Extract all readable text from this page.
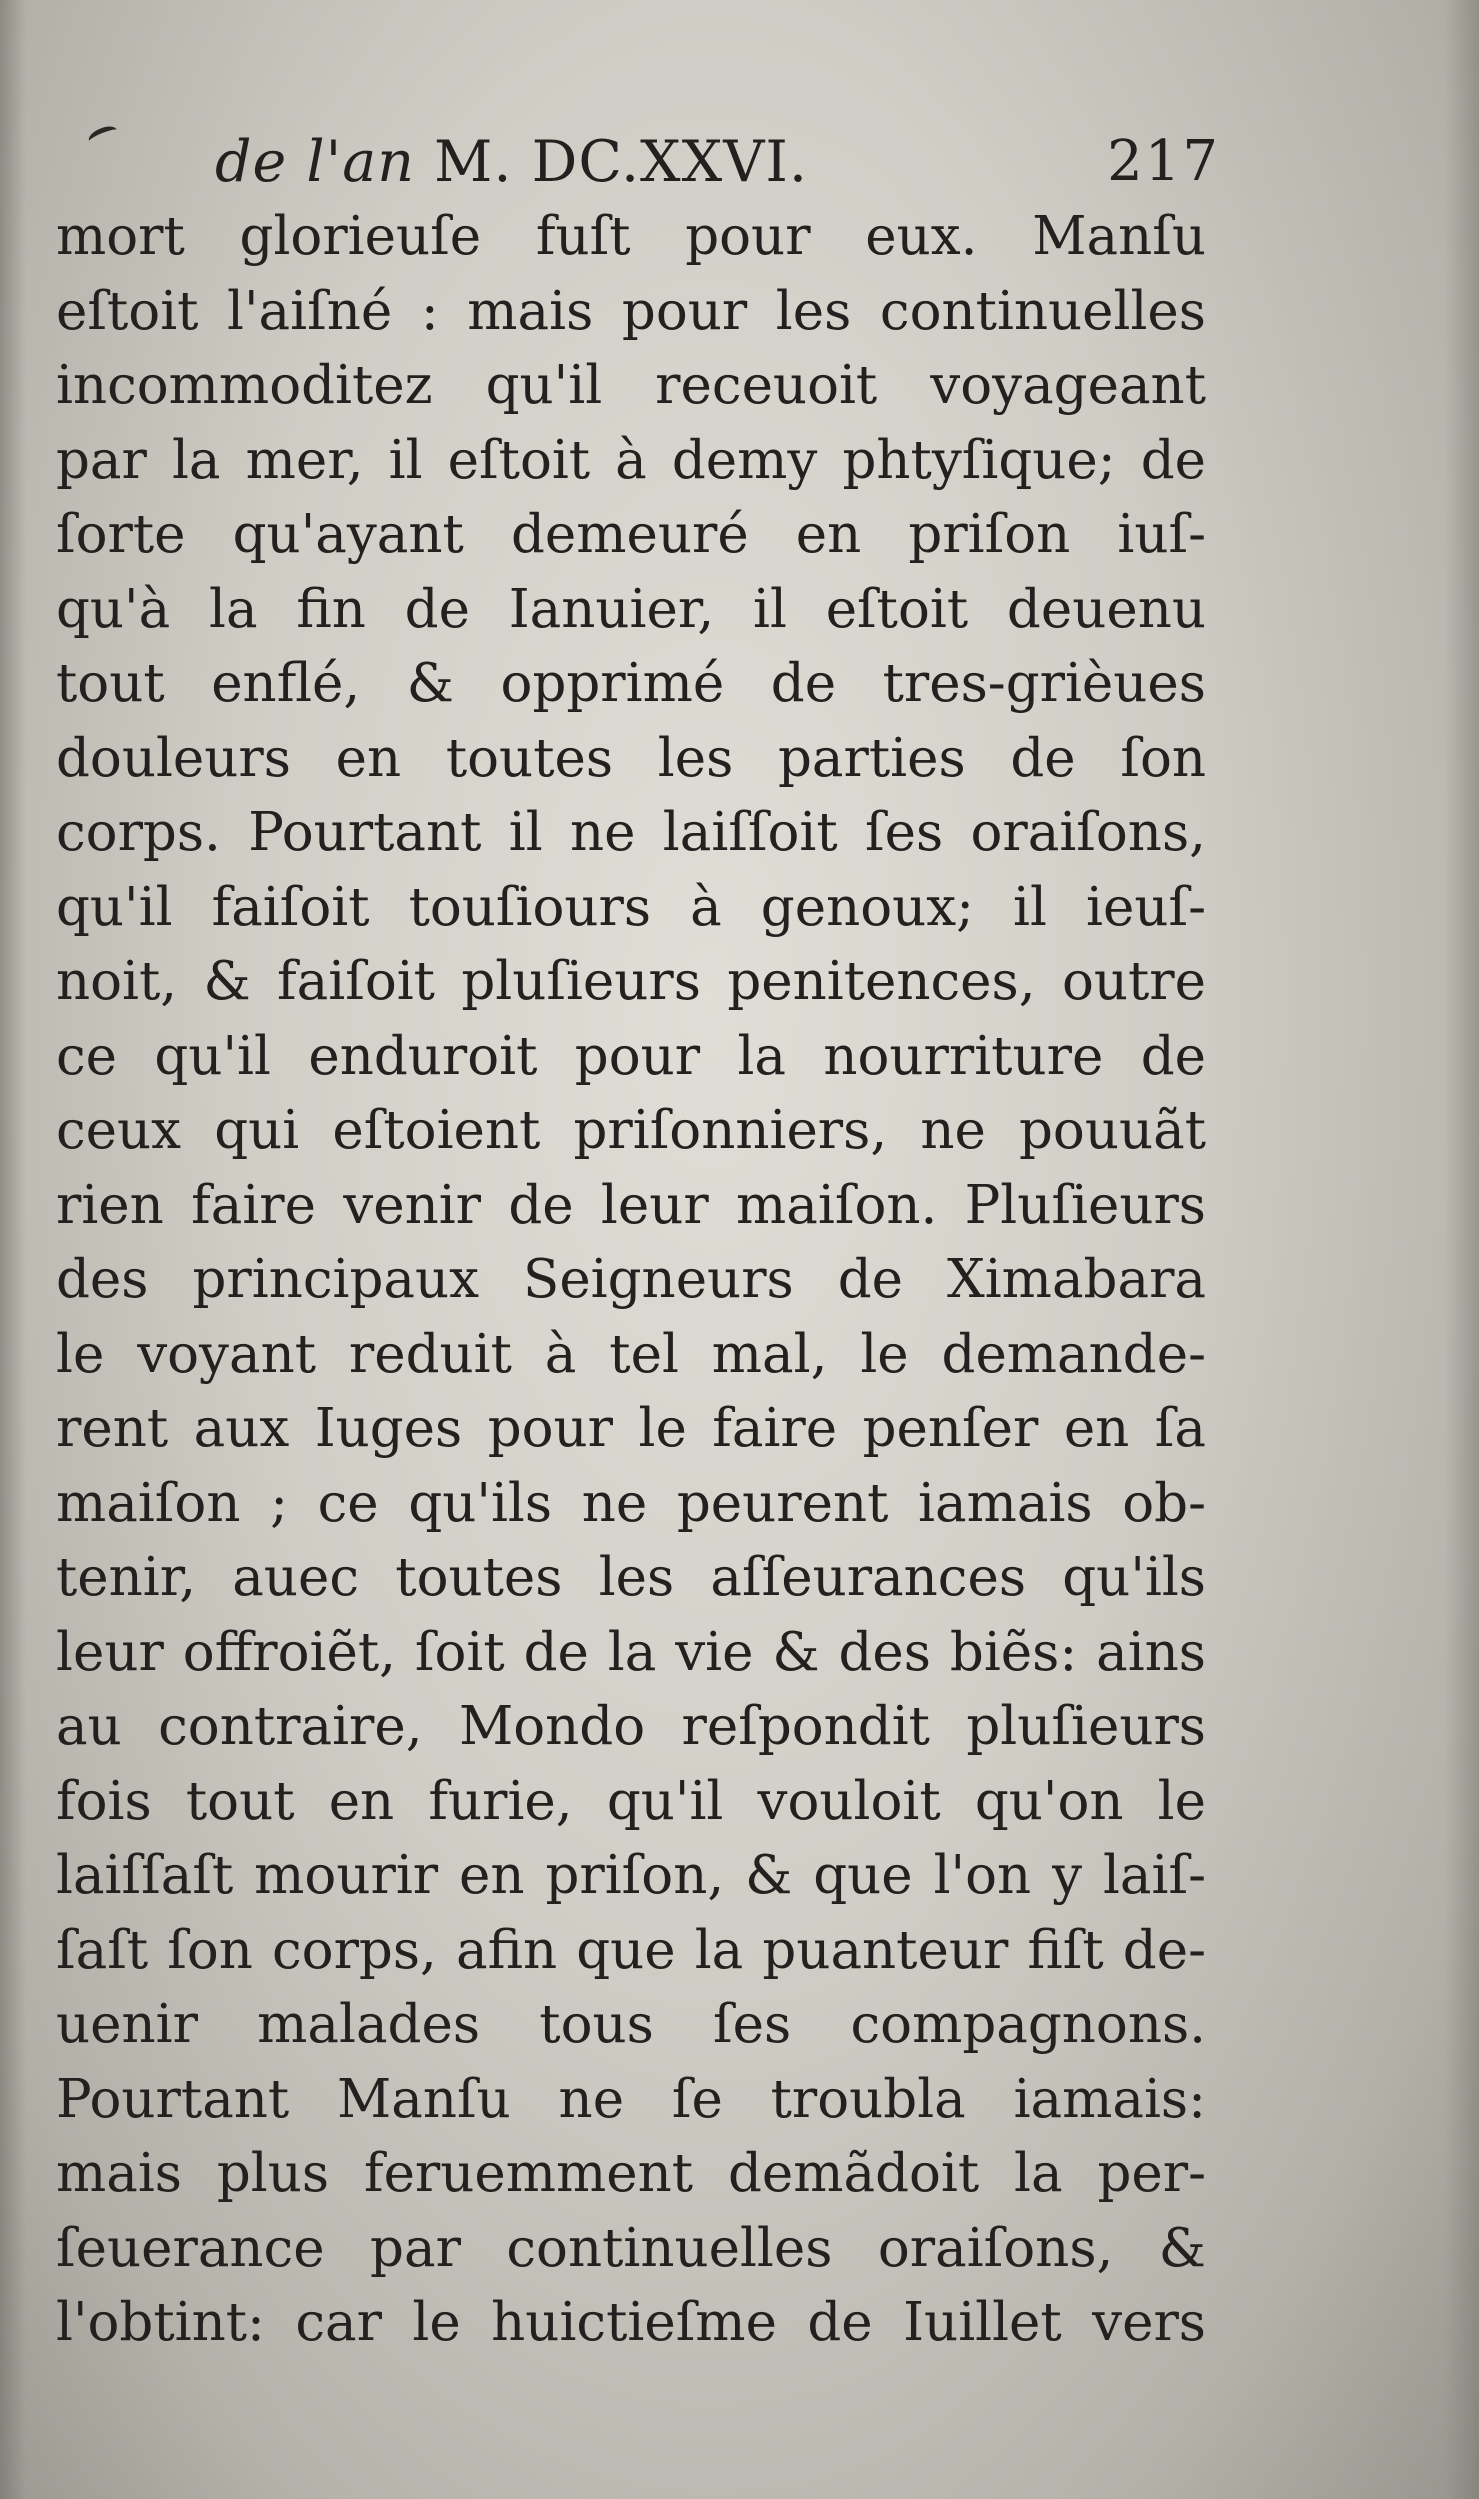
de l'an M. DC.XXVI.	217
mort glorieuſe fuſt pour eux. Manſu
eſtoit l'aiſné : mais pour les continuelles
incommoditez qu'il receuoit voyageant
par la mer, il eſtoit à demy phtyſique; de
ſorte qu'ayant demeuré en priſon iuſ-
qu'à la fin de Ianuier, il eſtoit deuenu
tout enflé, & opprimé de tres-grièues
douleurs en toutes les parties de ſon
corps. Pourtant il ne laiſſoit ſes oraiſons,
qu'il faiſoit touſiours à genoux; il ieuſ-
noit, & faiſoit pluſieurs penitences, outre
ce qu'il enduroit pour la nourriture de
ceux qui eſtoient priſonniers, ne pouuãt
rien faire venir de leur maiſon. Pluſieurs
des principaux Seigneurs de Ximabara
le voyant reduit à tel mal, le demande-
rent aux Iuges pour le faire penſer en ſa
maiſon ; ce qu'ils ne peurent iamais ob-
tenir, auec toutes les aſſeurances qu'ils
leur offroiẽt, ſoit de la vie & des biẽs: ains
au contraire, Mondo reſpondit pluſieurs
fois tout en furie, qu'il vouloit qu'on le
laiſſaſt mourir en priſon, & que l'on y laiſ-
ſaſt ſon corps, afin que la puanteur fiſt de-
uenir malades tous ſes compagnons.
Pourtant Manſu ne ſe troubla iamais:
mais plus feruemment demãdoit la per-
ſeuerance par continuelles oraiſons, &
l'obtint: car le huictieſme de Iuillet vers
